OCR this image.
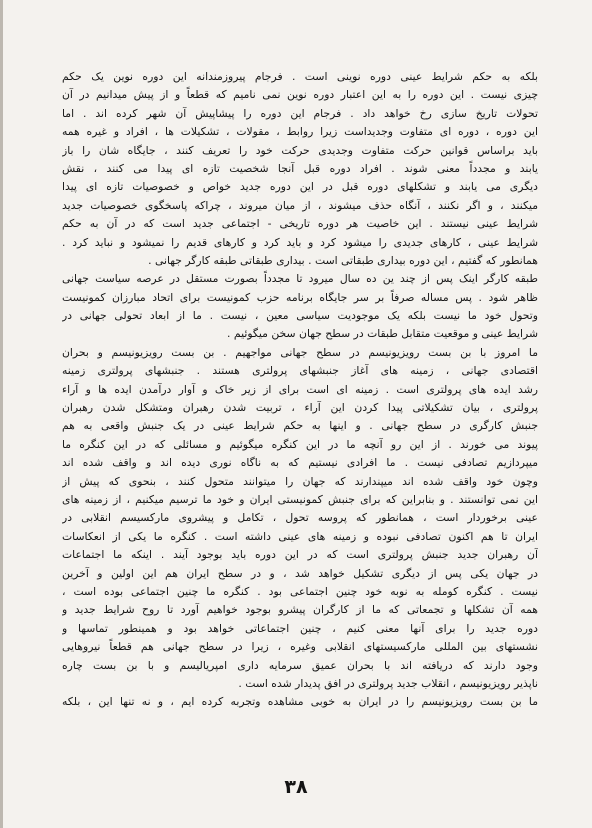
بلکه به حکم شرایط عینی دوره نوینی است . فرجام پیروزمندانه این دوره نوین یک حکم
چیزی نیست . این دوره را به این اعتبار دوره نوین نمی نامیم که قطعاً و از پیش میدانیم در آن
تحولات تاریخ سازی رخ خواهد داد . فرجام این دوره را پیشاپیش آن شهر کرده اند . اما
این دوره ، دوره ای متفاوت وجدیداست زیرا روابط ، مقولات ، تشکیلات ها ، افراد و غیره همه
باید براساس قوانین حرکت متفاوت وجدیدی حرکت خود را تعریف کنند ، جایگاه شان را باز
یابند و مجدداً معنی شوند . افراد دوره قبل آنجا شخصیت تازه ای پیدا می کنند ، نقش
دیگری می یابند و تشکلهای دوره قبل در این دوره جدید خواص و خصوصیات تازه ای پیدا
میکنند ، و اگر نکنند ، آنگاه حذف میشوند ، از میان میروند ، چراکه پاسخگوی خصوصیات جدید
شرایط عینی نیستند . این خاصیت هر دوره تاریخی - اجتماعی جدید است که در آن به حکم
شرایط عینی ، کارهای جدیدی را میشود کرد و باید کرد و کارهای قدیم را نمیشود و نباید کرد .
همانطور که گفتیم ، این دوره بیداری طبقاتی است . بیداری طبقاتی طبقه کارگر جهانی .
طبقه کارگر اینک پس از چند ین ده سال میرود تا مجدداً بصورت مستقل در عرصه سیاست جهانی
ظاهر شود . پس مساله صرفاً بر سر جایگاه برنامه حزب کمونیست برای اتحاد مبارزان کمونیست
وتحول خود ما نیست بلکه یک موجودیت سیاسی معین ، نیست . ما از ابعاد تحولی جهانی در
شرایط عینی و موقعیت متقابل طبقات در سطح جهان سخن میگوئیم .
ما امروز با بن بست رویزیونیسم در سطح جهانی مواجهیم . بن بست رویزیونیسم و بحران
اقتصادی جهانی ، زمینه های آغاز جنبشهای پرولتری هستند . جنبشهای پرولتری زمینه
رشد ایده های پرولتری است . زمینه ای است برای از زیر خاک و آوار درآمدن ایده ها و آراء
پرولتری ، بیان تشکیلاتی پیدا کردن این آراء ، تربیت شدن رهبران ومتشکل شدن رهبران
جنبش کارگری در سطح جهانی . و اینها به حکم شرایط عینی در یک جنبش واقعی به هم
پیوند می خورند . از این رو آنچه ما در این کنگره میگوئیم و مسائلی که در این کنگره ما
میپردازیم تصادفی نیست . ما افرادی نیستیم که به ناگاه نوری دیده اند و واقف شده اند
وچون خود واقف شده اند میپندارند که جهان را میتوانند متحول کنند ، بنحوی که پیش از
این نمی توانستند . و بنابراین که برای جنبش کمونیستی ایران و خود ما ترسیم میکنیم ، از زمینه های
عینی برخوردار است ، همانطور که پروسه تحول ، تکامل و پیشروی مارکسیسم انقلابی در
ایران تا هم اکنون تصادفی نبوده و زمینه های عینی داشته است . کنگره ما یکی از انعکاسات
آن رهبران جدید جنبش پرولتری است که در این دوره باید بوجود آیند . اینکه ما اجتماعات
در جهان یکی پس از دیگری تشکیل خواهد شد ، و در سطح ایران هم این اولین و آخرین
نیست . کنگره کومله به نوبه خود چنین اجتماعی بود . کنگره ما چنین اجتماعی بوده است ،
همه آن تشکلها و تجمعاتی که ما از کارگران پیشرو بوجود خواهیم آورد تا روح شرایط جدید و
دوره جدید را برای آنها معنی کنیم ، چنین اجتماعاتی خواهد بود و همینطور تماسها و
نشستهای بین المللی مارکسیستهای انقلابی وغیره ، زیرا در سطح جهانی هم قطعاً نیروهایی
وجود دارند که دریافته اند با بحران عمیق سرمایه داری امپریالیسم و با بن بست چاره
ناپذیر رویزیونیسم ، انقلاب جدید پرولتری در افق پدیدار شده است .
ما بن بست رویزیونیسم را در ایران به خوبی مشاهده وتجربه کرده ایم ، و نه تنها این ، بلکه
۳۸
